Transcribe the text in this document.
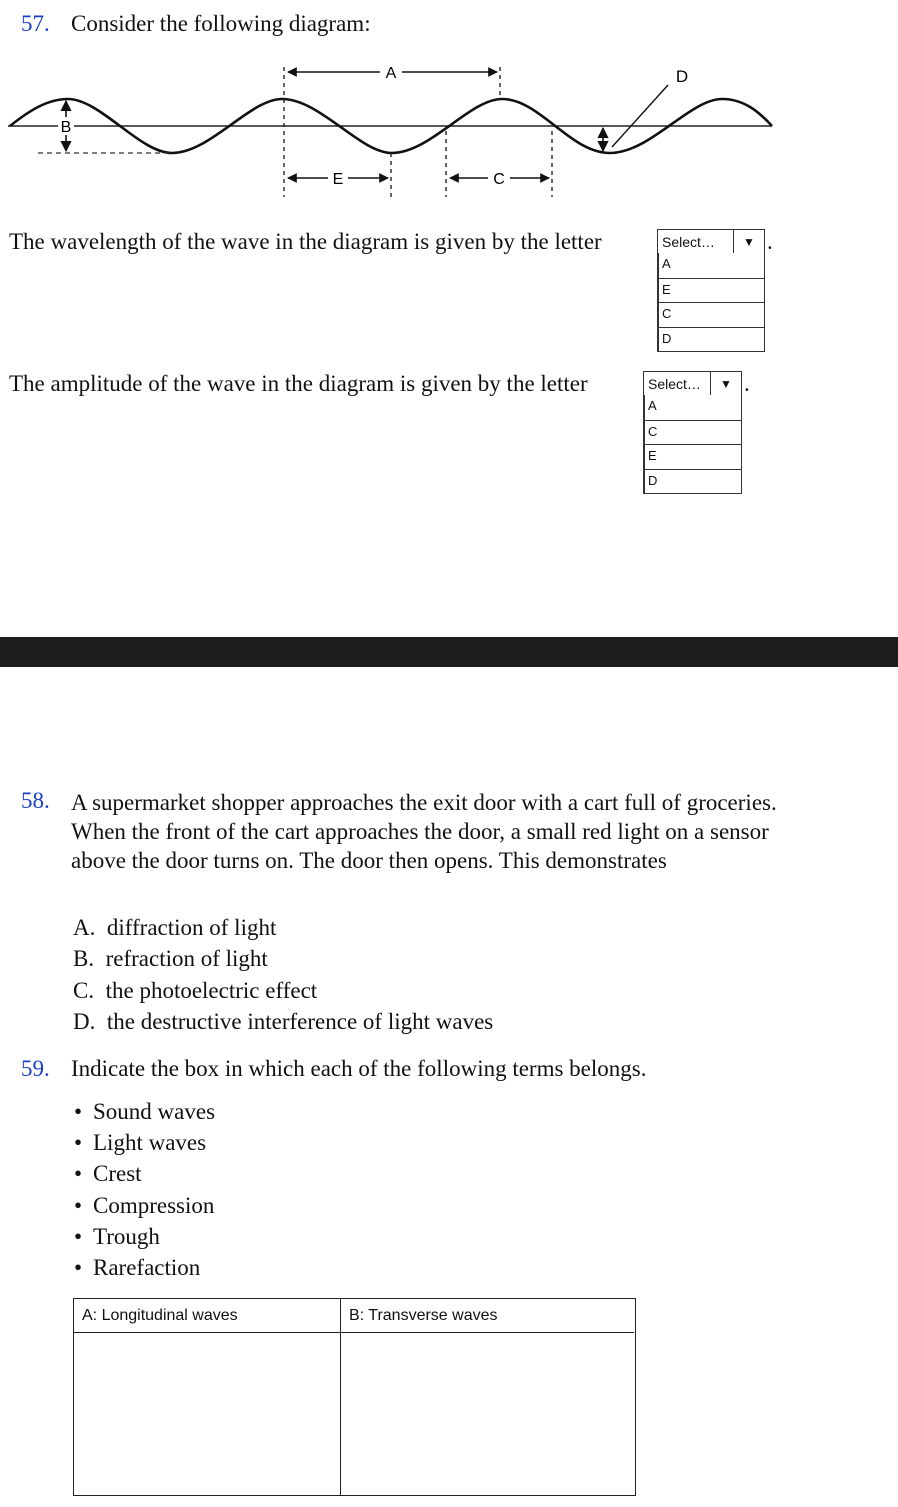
57. Consider the following diagram:
B
A
E	C
D
The wavelength of the wave in the diagram is given by the letter	Select…	▼ .
A
E
C
D
The amplitude of the wave in the diagram is given by the letter	Select…	▼ .
A
C
E
D
58. A supermarket shopper approaches the exit door with a cart full of groceries. When the front of the cart approaches the door, a small red light on a sensor above the door turns on. The door then opens. This demonstrates
A. diffraction of light
B. refraction of light
C. the photoelectric effect
D. the destructive interference of light waves
59. Indicate the box in which each of the following terms belongs.
• Sound waves
• Light waves
• Crest
• Compression
• Trough
• Rarefaction
A: Longitudinal waves	B: Transverse waves
